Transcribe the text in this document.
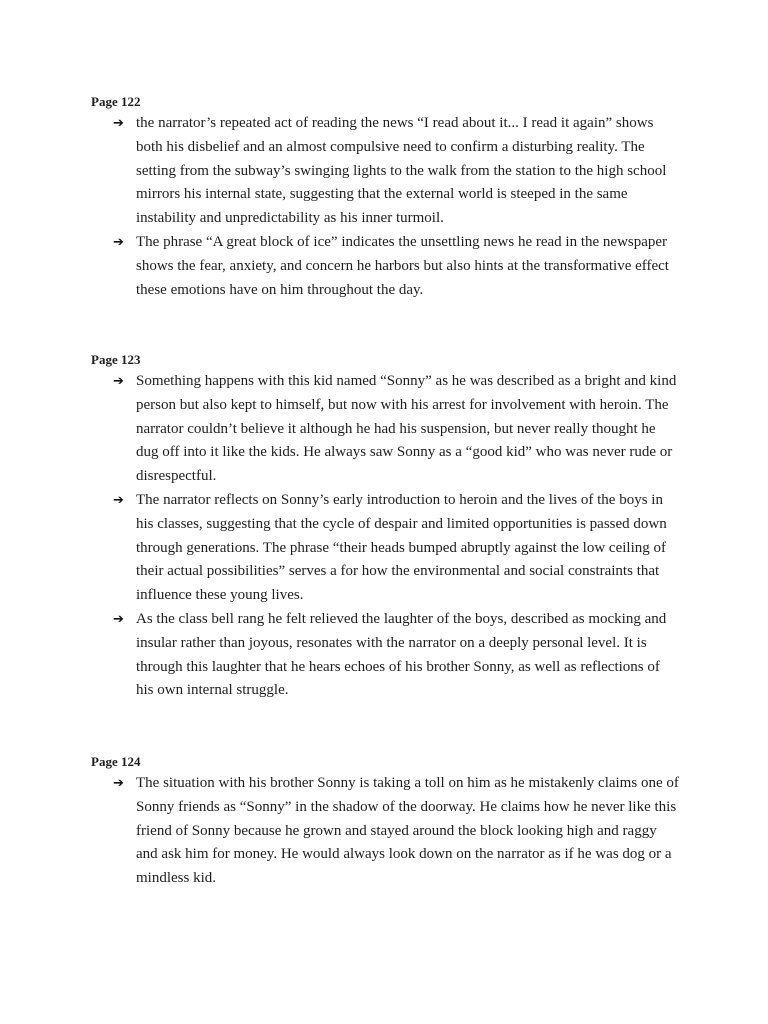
Page 122
➔ the narrator’s repeated act of reading the news “I read about it... I read it again” shows both his disbelief and an almost compulsive need to confirm a disturbing reality. The setting from the subway’s swinging lights to the walk from the station to the high school mirrors his internal state, suggesting that the external world is steeped in the same instability and unpredictability as his inner turmoil.
➔ The phrase “A great block of ice” indicates the unsettling news he read in the newspaper shows the fear, anxiety, and concern he harbors but also hints at the transformative effect these emotions have on him throughout the day.
Page 123
➔ Something happens with this kid named “Sonny” as he was described as a bright and kind person but also kept to himself, but now with his arrest for involvement with heroin. The narrator couldn’t believe it although he had his suspension, but never really thought he dug off into it like the kids. He always saw Sonny as a “good kid” who was never rude or disrespectful.
➔ The narrator reflects on Sonny’s early introduction to heroin and the lives of the boys in his classes, suggesting that the cycle of despair and limited opportunities is passed down through generations. The phrase “their heads bumped abruptly against the low ceiling of their actual possibilities” serves a for how the environmental and social constraints that influence these young lives.
➔ As the class bell rang he felt relieved the laughter of the boys, described as mocking and insular rather than joyous, resonates with the narrator on a deeply personal level. It is through this laughter that he hears echoes of his brother Sonny, as well as reflections of his own internal struggle.
Page 124
➔ The situation with his brother Sonny is taking a toll on him as he mistakenly claims one of Sonny friends as “Sonny” in the shadow of the doorway. He claims how he never like this friend of Sonny because he grown and stayed around the block looking high and raggy and ask him for money. He would always look down on the narrator as if he was dog or a mindless kid.
